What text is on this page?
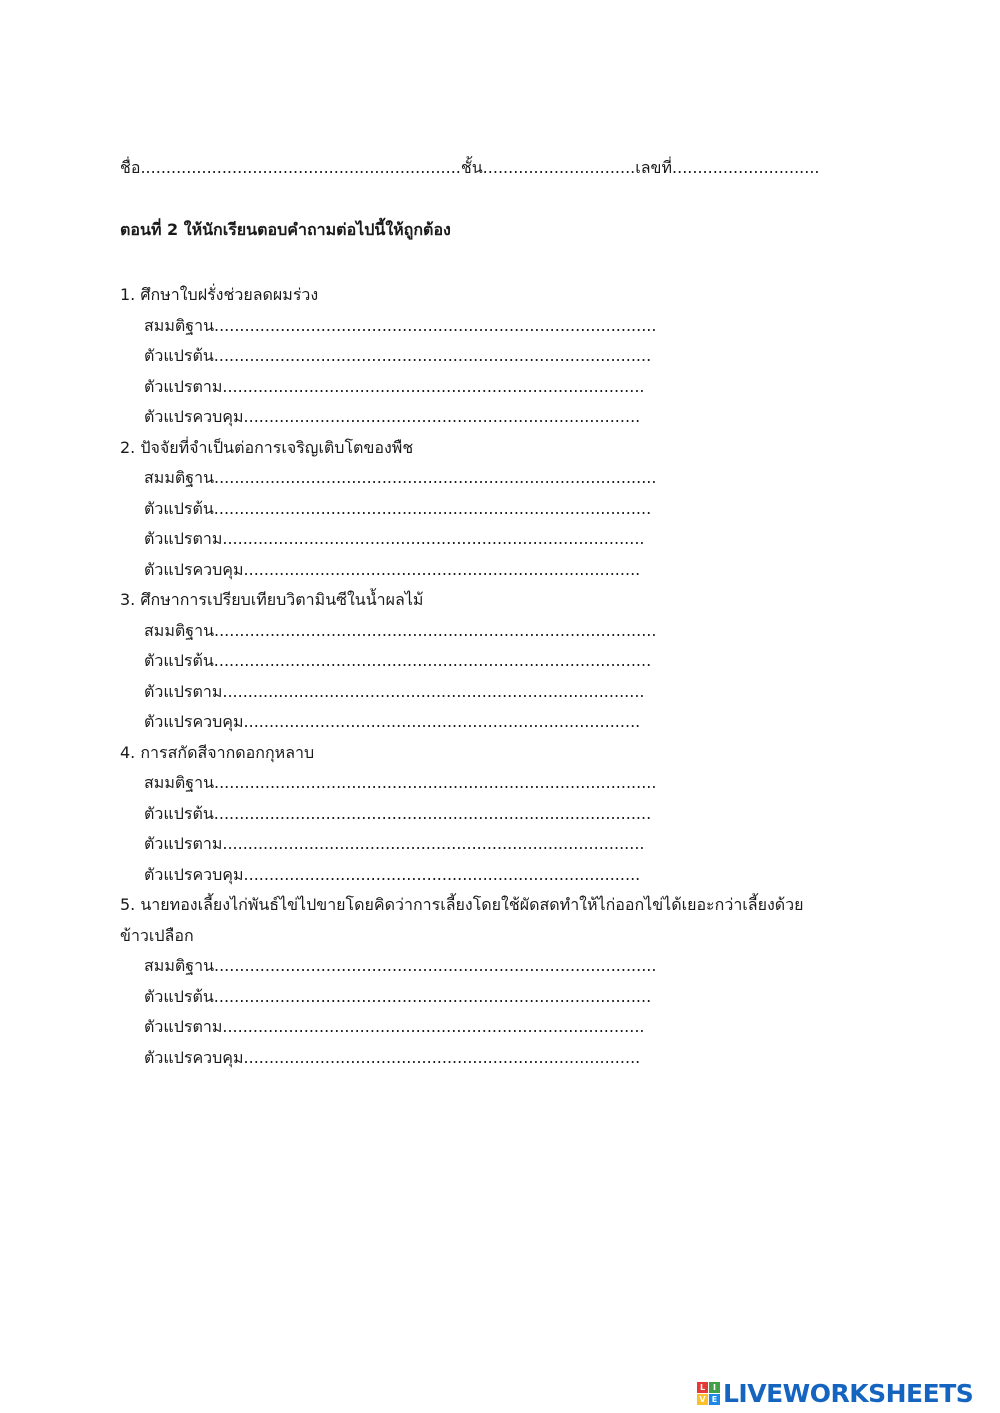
ชื่อ...............................................................ชั้น..............................เลขที่.............................
ตอนที่ 2 ให้นักเรียนตอบคำถามต่อไปนี้ให้ถูกต้อง
1. ศึกษาใบฝรั่งช่วยลดผมร่วง
สมมติฐาน.......................................................................................
ตัวแปรต้น......................................................................................
ตัวแปรตาม...................................................................................
ตัวแปรควบคุม..............................................................................
2. ปัจจัยที่จำเป็นต่อการเจริญเติบโตของพืช
สมมติฐาน.......................................................................................
ตัวแปรต้น......................................................................................
ตัวแปรตาม...................................................................................
ตัวแปรควบคุม..............................................................................
3. ศึกษาการเปรียบเทียบวิตามินซีในน้ำผลไม้
สมมติฐาน.......................................................................................
ตัวแปรต้น......................................................................................
ตัวแปรตาม...................................................................................
ตัวแปรควบคุม..............................................................................
4. การสกัดสีจากดอกกุหลาบ
สมมติฐาน.......................................................................................
ตัวแปรต้น......................................................................................
ตัวแปรตาม...................................................................................
ตัวแปรควบคุม..............................................................................
5. นายทองเลี้ยงไก่พันธ์ไข่ไปขายโดยคิดว่าการเลี้ยงโดยใช้ผัดสดทำให้ไก่ออกไข่ได้เยอะกว่าเลี้ยงด้วย
ข้าวเปลือก
สมมติฐาน.......................................................................................
ตัวแปรต้น......................................................................................
ตัวแปรตาม...................................................................................
ตัวแปรควบคุม..............................................................................
L I
V E LIVEWORKSHEETS
